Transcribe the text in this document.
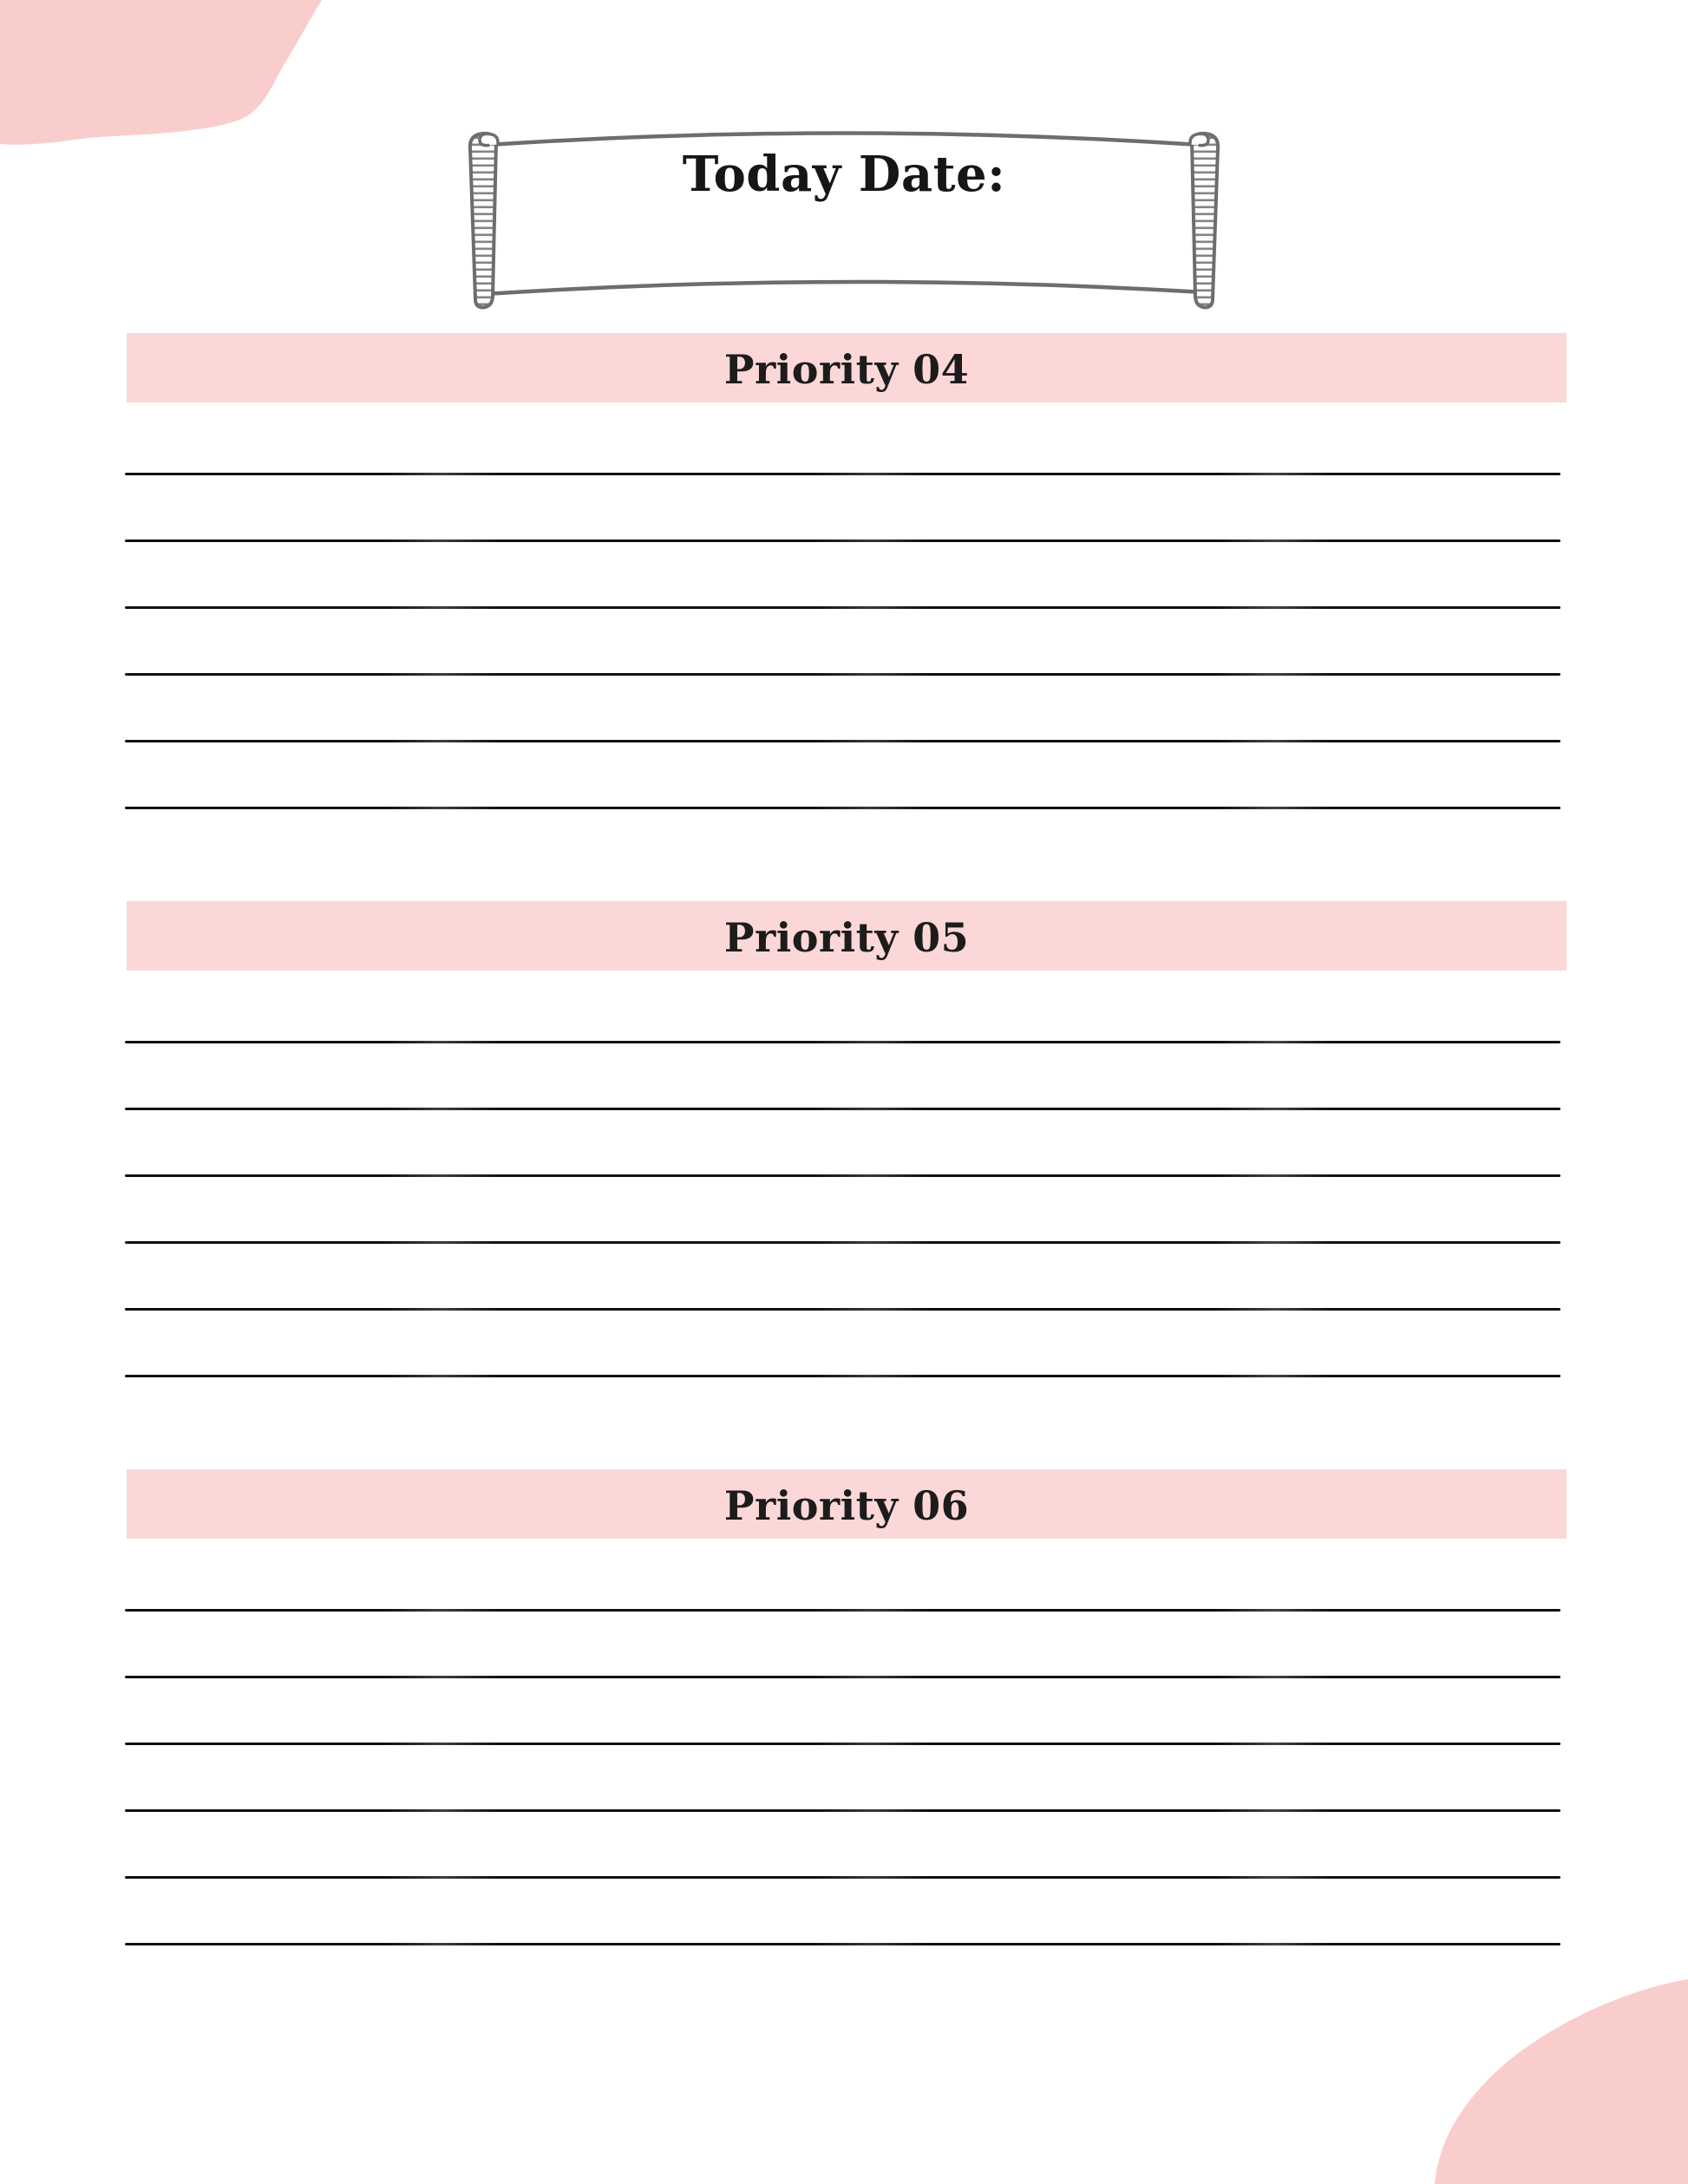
Today Date:
Priority 04
Priority 05
Priority 06
